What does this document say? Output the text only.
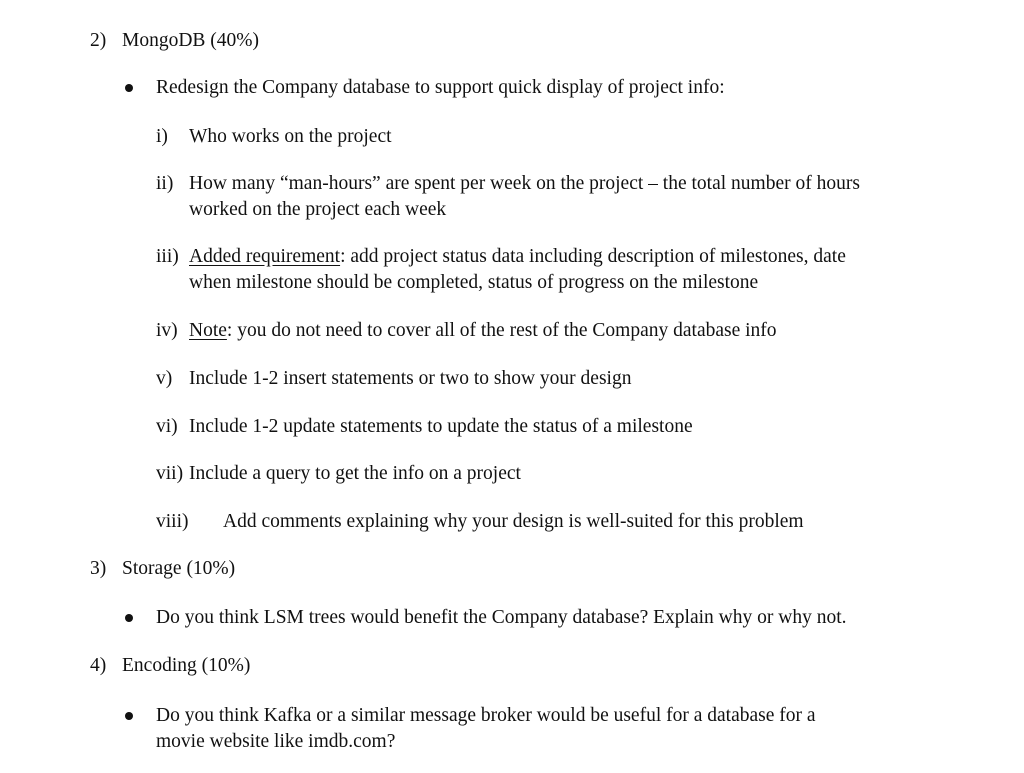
2) MongoDB (40%)
Redesign the Company database to support quick display of project info:
i) Who works on the project
ii) How many “man-hours” are spent per week on the project – the total number of hours
worked on the project each week
iii) Added requirement: add project status data including description of milestones, date
when milestone should be completed, status of progress on the milestone
iv) Note: you do not need to cover all of the rest of the Company database info
v) Include 1-2 insert statements or two to show your design
vi) Include 1-2 update statements to update the status of a milestone
vii) Include a query to get the info on a project
viii) Add comments explaining why your design is well-suited for this problem
3) Storage (10%)
Do you think LSM trees would benefit the Company database? Explain why or why not.
4) Encoding (10%)
Do you think Kafka or a similar message broker would be useful for a database for a
movie website like imdb.com?
